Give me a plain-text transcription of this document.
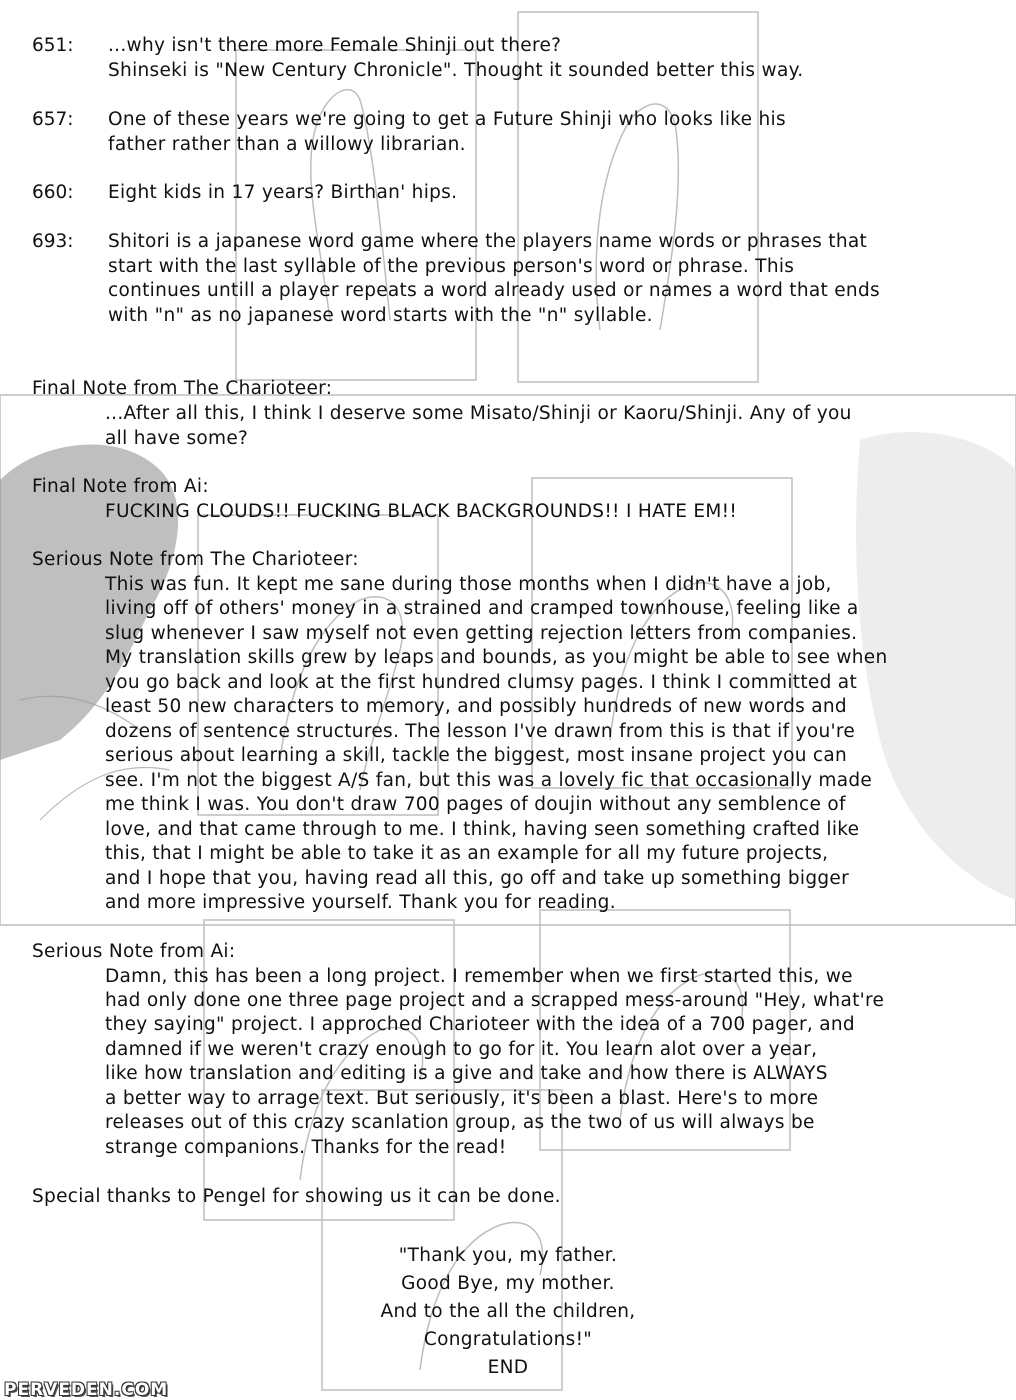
651: ...why isn't there more Female Shinji out there?
Shinseki is "New Century Chronicle". Thought it sounded better this way.
657: One of these years we're going to get a Future Shinji who looks like his
father rather than a willowy librarian.
660: Eight kids in 17 years? Birthan' hips.
693: Shitori is a japanese word game where the players name words or phrases that
start with the last syllable of the previous person's word or phrase. This
continues untill a player repeats a word already used or names a word that ends
with "n" as no japanese word starts with the "n" syllable.
Final Note from The Charioteer:
...After all this, I think I deserve some Misato/Shinji or Kaoru/Shinji. Any of you
all have some?
Final Note from Ai:
FUCKING CLOUDS!! FUCKING BLACK BACKGROUNDS!! I HATE EM!!
Serious Note from The Charioteer:
This was fun. It kept me sane during those months when I didn't have a job,
living off of others' money in a strained and cramped townhouse, feeling like a
slug whenever I saw myself not even getting rejection letters from companies.
My translation skills grew by leaps and bounds, as you might be able to see when
you go back and look at the first hundred clumsy pages. I think I committed at
least 50 new characters to memory, and possibly hundreds of new words and
dozens of sentence structures. The lesson I've drawn from this is that if you're
serious about learning a skill, tackle the biggest, most insane project you can
see. I'm not the biggest A/S fan, but this was a lovely fic that occasionally made
me think I was. You don't draw 700 pages of doujin without any semblence of
love, and that came through to me. I think, having seen something crafted like
this, that I might be able to take it as an example for all my future projects,
and I hope that you, having read all this, go off and take up something bigger
and more impressive yourself. Thank you for reading.
Serious Note from Ai:
Damn, this has been a long project. I remember when we first started this, we
had only done one three page project and a scrapped mess-around "Hey, what're
they saying" project. I approched Charioteer with the idea of a 700 pager, and
damned if we weren't crazy enough to go for it. You learn alot over a year,
like how translation and editing is a give and take and how there is ALWAYS
a better way to arrage text. But seriously, it's been a blast. Here's to more
releases out of this crazy scanlation group, as the two of us will always be
strange companions. Thanks for the read!
Special thanks to Pengel for showing us it can be done.
"Thank you, my father.
Good Bye, my mother.
And to the all the children,
Congratulations!"
END
PERVEDEN.COM
